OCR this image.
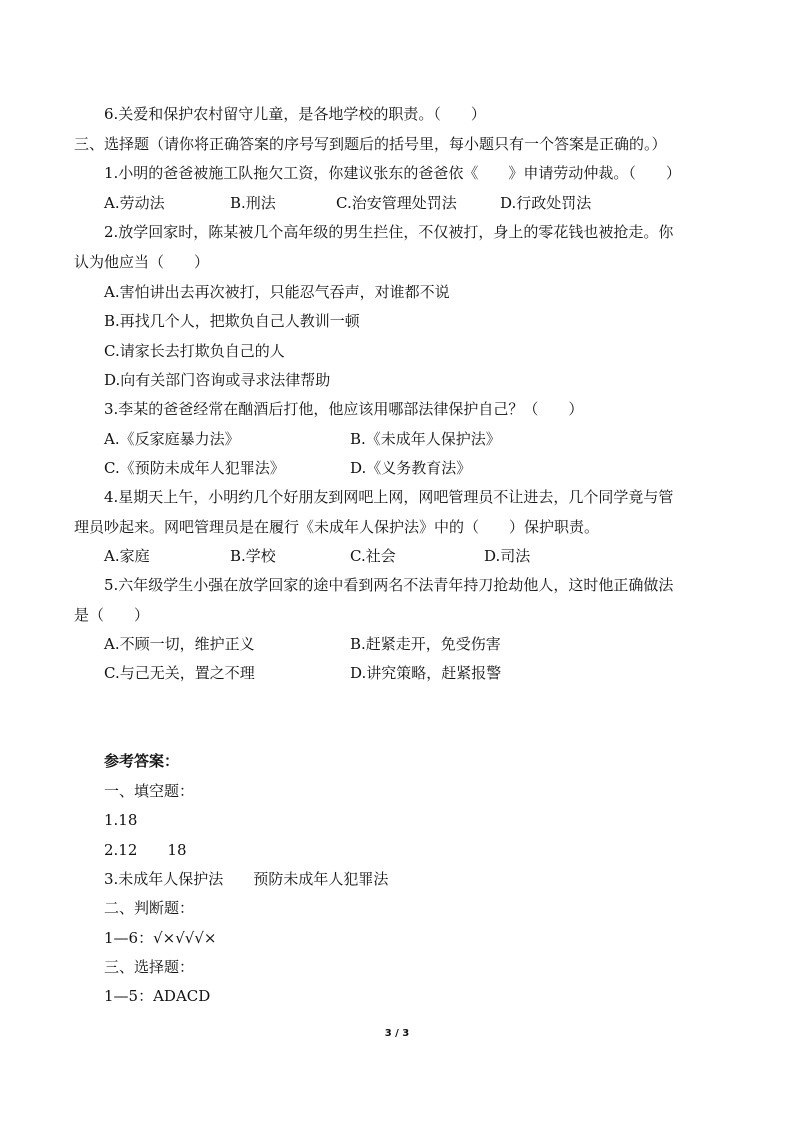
6.关爱和保护农村留守儿童，是各地学校的职责。（　　）
三、选择题（请你将正确答案的序号写到题后的括号里，每小题只有一个答案是正确的。）
1.小明的爸爸被施工队拖欠工资，你建议张东的爸爸依《　　》申请劳动仲裁。（　　）
A.劳动法	B.刑法	C.治安管理处罚法	D.行政处罚法
2.放学回家时，陈某被几个高年级的男生拦住，不仅被打，身上的零花钱也被抢走。你
认为他应当（　　）
A.害怕讲出去再次被打，只能忍气吞声，对谁都不说
B.再找几个人，把欺负自己人教训一顿
C.请家长去打欺负自己的人
D.向有关部门咨询或寻求法律帮助
3.李某的爸爸经常在酗酒后打他，他应该用哪部法律保护自己？（　　）
A.《反家庭暴力法》	B.《未成年人保护法》
C.《预防未成年人犯罪法》	D.《义务教育法》
4.星期天上午，小明约几个好朋友到网吧上网，网吧管理员不让进去，几个同学竟与管
理员吵起来。网吧管理员是在履行《未成年人保护法》中的（　　）保护职责。
A.家庭	B.学校	C.社会	D.司法
5.六年级学生小强在放学回家的途中看到两名不法青年持刀抢劫他人，这时他正确做法
是（　　）
A.不顾一切，维护正义	B.赶紧走开，免受伤害
C.与己无关，置之不理	D.讲究策略，赶紧报警
参考答案：
一、填空题：
1.18
2.12　　18
3.未成年人保护法　　预防未成年人犯罪法
二、判断题：
1—6：√×√√√×
三、选择题：
1—5：ADACD
3 / 3
